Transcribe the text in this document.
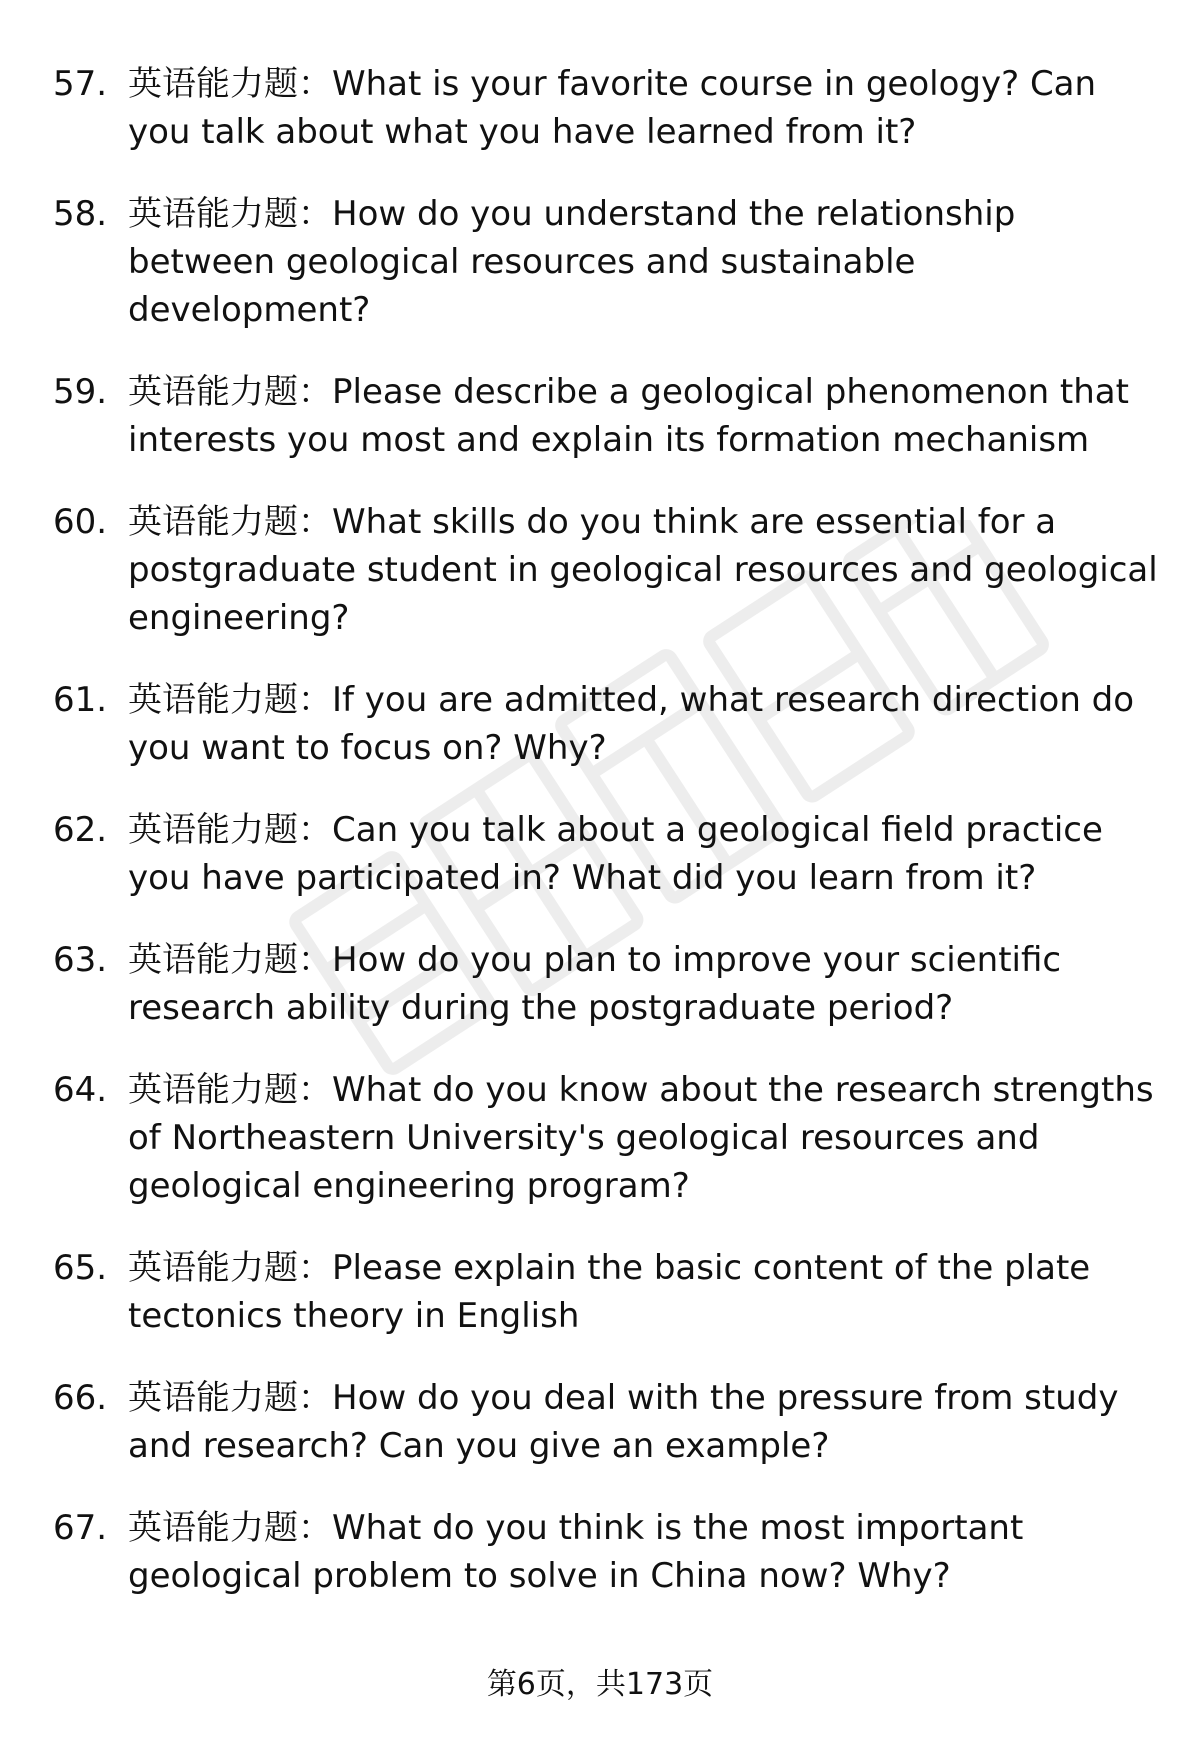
57. 英语能力题：What is your favorite course in geology? Can you talk about what you have learned from it?
58. 英语能力题：How do you understand the relationship between geological resources and sustainable development?
59. 英语能力题：Please describe a geological phenomenon that interests you most and explain its formation mechanism
60. 英语能力题：What skills do you think are essential for a postgraduate student in geological resources and geological engineering?
61. 英语能力题：If you are admitted, what research direction do you want to focus on? Why?
62. 英语能力题：Can you talk about a geological field practice you have participated in? What did you learn from it?
63. 英语能力题：How do you plan to improve your scientific research ability during the postgraduate period?
64. 英语能力题：What do you know about the research strengths of Northeastern University's geological resources and geological engineering program?
65. 英语能力题：Please explain the basic content of the plate tectonics theory in English
66. 英语能力题：How do you deal with the pressure from study and research? Can you give an example?
67. 英语能力题：What do you think is the most important geological problem to solve in China now? Why?
第6页，共173页
